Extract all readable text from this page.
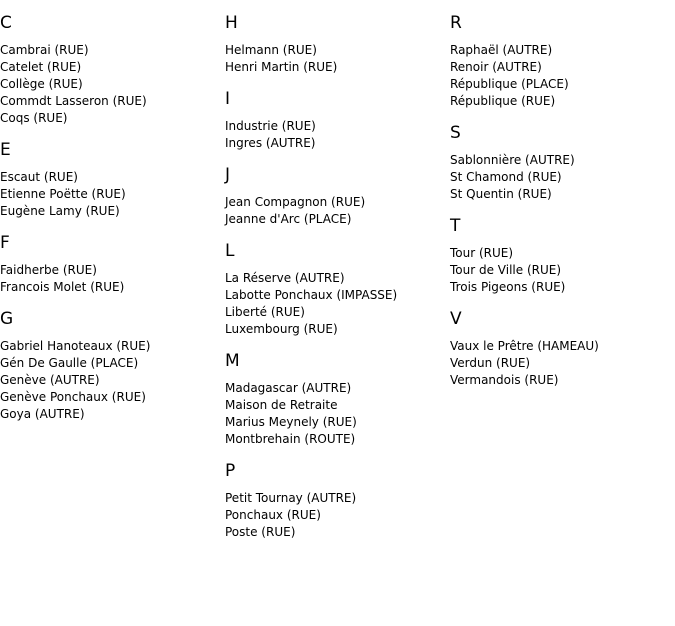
C
Cambrai (RUE)
Catelet (RUE)
Collège (RUE)
Commdt Lasseron (RUE)
Coqs (RUE)
E
Escaut (RUE)
Etienne Poëtte (RUE)
Eugène Lamy (RUE)
F
Faidherbe (RUE)
Francois Molet (RUE)
G
Gabriel Hanoteaux (RUE)
Gén De Gaulle (PLACE)
Genève (AUTRE)
Genève Ponchaux (RUE)
Goya (AUTRE)
H
Helmann (RUE)
Henri Martin (RUE)
I
Industrie (RUE)
Ingres (AUTRE)
J
Jean Compagnon (RUE)
Jeanne d'Arc (PLACE)
L
La Réserve (AUTRE)
Labotte Ponchaux (IMPASSE)
Liberté (RUE)
Luxembourg (RUE)
M
Madagascar (AUTRE)
Maison de Retraite
Marius Meynely (RUE)
Montbrehain (ROUTE)
P
Petit Tournay (AUTRE)
Ponchaux (RUE)
Poste (RUE)
R
Raphaël (AUTRE)
Renoir (AUTRE)
République (PLACE)
République (RUE)
S
Sablonnière (AUTRE)
St Chamond (RUE)
St Quentin (RUE)
T
Tour (RUE)
Tour de Ville (RUE)
Trois Pigeons (RUE)
V
Vaux le Prêtre (HAMEAU)
Verdun (RUE)
Vermandois (RUE)
